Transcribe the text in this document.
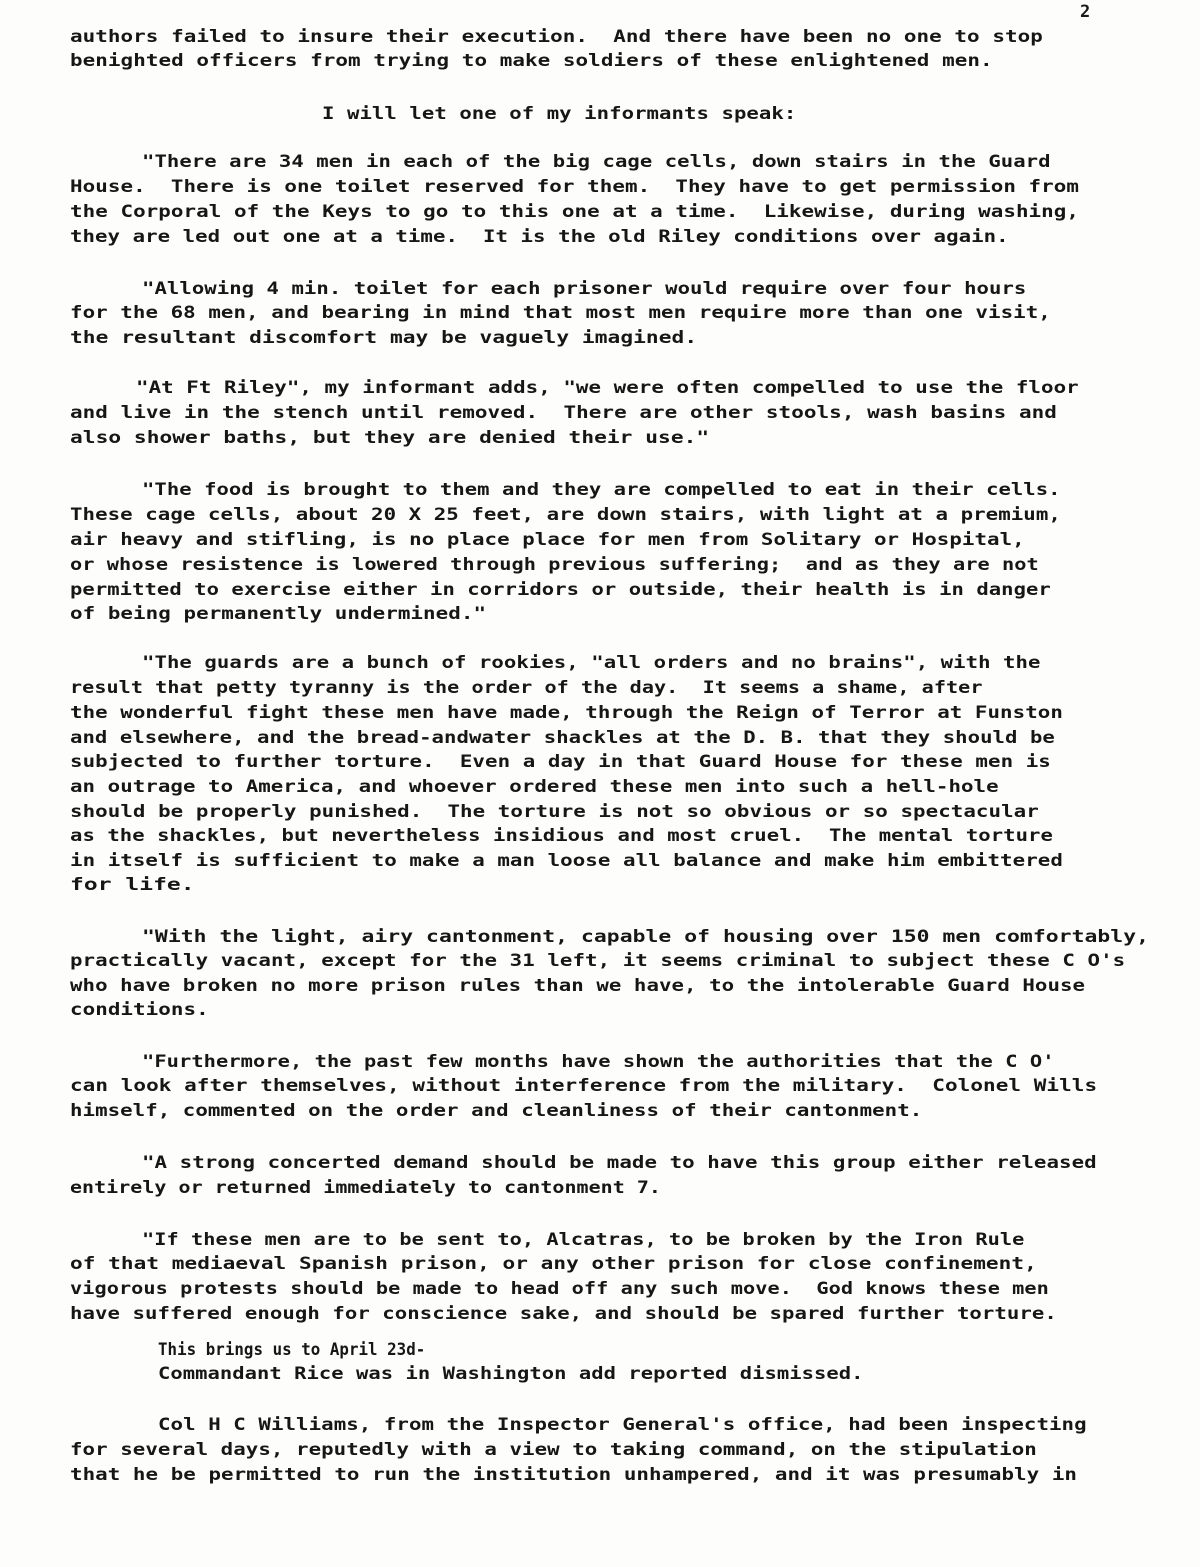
2
authors failed to insure their execution.  And there have been no one to stop
benighted officers from trying to make soldiers of these enlightened men.
I will let one of my informants speak:
"There are 34 men in each of the big cage cells, down stairs in the Guard
House.  There is one toilet reserved for them.  They have to get permission from
the Corporal of the Keys to go to this one at a time.  Likewise, during washing,
they are led out one at a time.  It is the old Riley conditions over again.
"Allowing 4 min. toilet for each prisoner would require over four hours
for the 68 men, and bearing in mind that most men require more than one visit,
the resultant discomfort may be vaguely imagined.
"At Ft Riley", my informant adds, "we were often compelled to use the floor
and live in the stench until removed.  There are other stools, wash basins and
also shower baths, but they are denied their use."
"The food is brought to them and they are compelled to eat in their cells.
These cage cells, about 20 X 25 feet, are down stairs, with light at a premium,
air heavy and stifling, is no place place for men from Solitary or Hospital,
or whose resistence is lowered through previous suffering;  and as they are not
permitted to exercise either in corridors or outside, their health is in danger
of being permanently undermined."
"The guards are a bunch of rookies, "all orders and no brains", with the
result that petty tyranny is the order of the day.  It seems a shame, after
the wonderful fight these men have made, through the Reign of Terror at Funston
and elsewhere, and the bread-andwater shackles at the D. B. that they should be
subjected to further torture.  Even a day in that Guard House for these men is
an outrage to America, and whoever ordered these men into such a hell-hole
should be properly punished.  The torture is not so obvious or so spectacular
as the shackles, but nevertheless insidious and most cruel.  The mental torture
in itself is sufficient to make a man loose all balance and make him embittered
for life.
"With the light, airy cantonment, capable of housing over 150 men comfortably,
practically vacant, except for the 31 left, it seems criminal to subject these C O's
who have broken no more prison rules than we have, to the intolerable Guard House
conditions.
"Furthermore, the past few months have shown the authorities that the C O'
can look after themselves, without interference from the military.  Colonel Wills
himself, commented on the order and cleanliness of their cantonment.
"A strong concerted demand should be made to have this group either released
entirely or returned immediately to cantonment 7.
"If these men are to be sent to, Alcatras, to be broken by the Iron Rule
of that mediaeval Spanish prison, or any other prison for close confinement,
vigorous protests should be made to head off any such move.  God knows these men
have suffered enough for conscience sake, and should be spared further torture.
This brings us to April 23d-
Commandant Rice was in Washington add reported dismissed.
Col H C Williams, from the Inspector General's office, had been inspecting
for several days, reputedly with a view to taking command, on the stipulation
that he be permitted to run the institution unhampered, and it was presumably in
